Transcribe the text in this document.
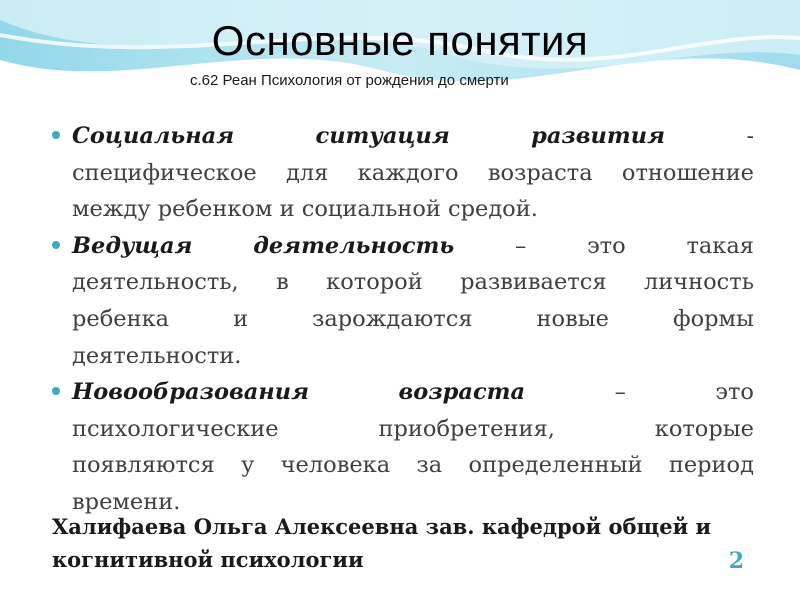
Основные понятия
с.62 Реан Психология от рождения до смерти
Социальная	ситуация	развития	-
специфическое для каждого возраста отношение
между ребенком и социальной средой.
Ведущая	деятельность	–	это	такая
деятельность, в которой развивается личность
ребенка	и	зарождаются	новые	формы
деятельности.
Новообразования	возраста	–	это
психологические	приобретения,	которые
появляются у человека за определенный период
времени.
Халифаева Ольга Алексеевна зав. кафедрой общей и
когнитивной психологии	2
